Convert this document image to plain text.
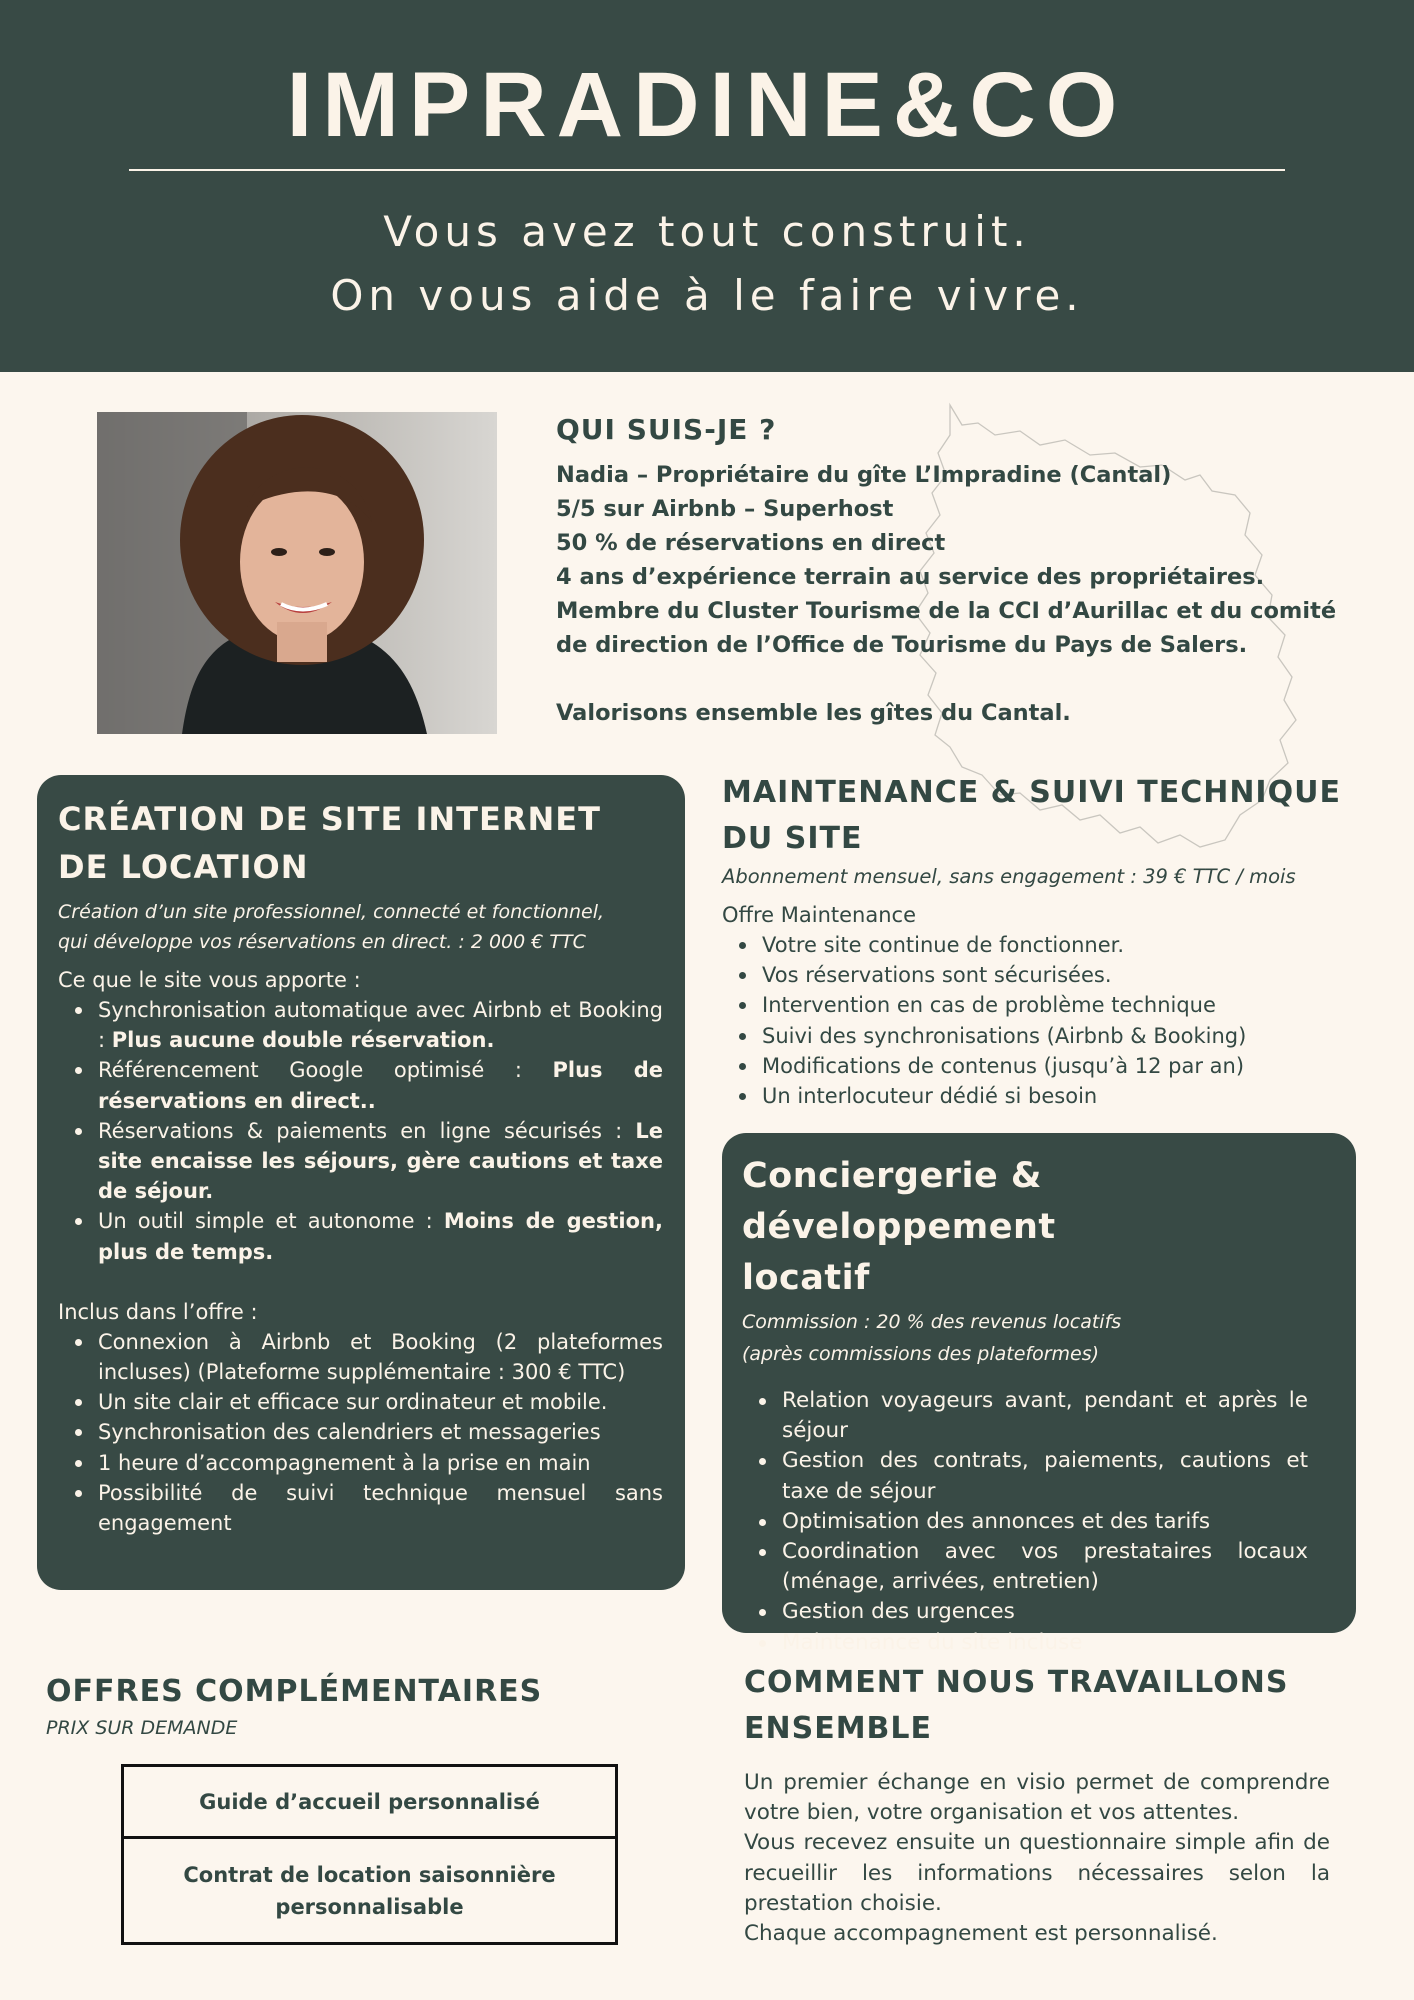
IMPRADINE&CO
Vous avez tout construit.
On vous aide à le faire vivre.
QUI SUIS-JE ?
Nadia – Propriétaire du gîte L’Impradine (Cantal)
5/5 sur Airbnb – Superhost
50 % de réservations en direct
4 ans d’expérience terrain au service des propriétaires.
Membre du Cluster Tourisme de la CCI d’Aurillac et du comité
de direction de l’Office de Tourisme du Pays de Salers.
Valorisons ensemble les gîtes du Cantal.
CRÉATION DE SITE INTERNET
DE LOCATION
Création d’un site professionnel, connecté et fonctionnel, qui développe vos réservations en direct. : 2 000 € TTC
Ce que le site vous apporte :
Synchronisation automatique avec Airbnb et Booking : Plus aucune double réservation.
Référencement Google optimisé : Plus de réservations en direct..
Réservations & paiements en ligne sécurisés : Le site encaisse les séjours, gère cautions et taxe de séjour.
Un outil simple et autonome : Moins de gestion, plus de temps.
Inclus dans l’offre :
Connexion à Airbnb et Booking (2 plateformes incluses) (Plateforme supplémentaire : 300 € TTC)
Un site clair et efficace sur ordinateur et mobile.
Synchronisation des calendriers et messageries
1 heure d’accompagnement à la prise en main
Possibilité de suivi technique mensuel sans engagement
MAINTENANCE & SUIVI TECHNIQUE
DU SITE
Abonnement mensuel, sans engagement : 39 € TTC / mois
Offre Maintenance
Votre site continue de fonctionner.
Vos réservations sont sécurisées.
Intervention en cas de problème technique
Suivi des synchronisations (Airbnb & Booking)
Modifications de contenus (jusqu’à 12 par an)
Un interlocuteur dédié si besoin
Conciergerie & développement
locatif
Commission : 20 % des revenus locatifs
(après commissions des plateformes)
Relation voyageurs avant, pendant et après le séjour
Gestion des contrats, paiements, cautions et taxe de séjour
Optimisation des annonces et des tarifs
Coordination avec vos prestataires locaux (ménage, arrivées, entretien)
Gestion des urgences
Maintenance du site incluse
OFFRES COMPLÉMENTAIRES
PRIX SUR DEMANDE
Guide d’accueil personnalisé
Contrat de location saisonnière personnalisable
COMMENT NOUS TRAVAILLONS
ENSEMBLE

Un premier échange en visio permet de comprendre votre bien, votre organisation et vos attentes.

Vous recevez ensuite un questionnaire simple afin de recueillir les informations nécessaires selon la prestation choisie.

Chaque accompagnement est personnalisé.
